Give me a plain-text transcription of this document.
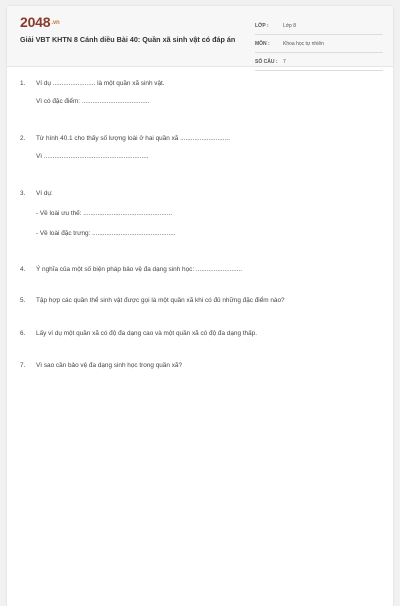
2048.vn
Giải VBT KHTN 8 Cánh diều Bài 40: Quần xã sinh vật có đáp án
LỚP :	Lớp 8
MÔN :	Khoa học tự nhiên
SỐ CÂU : 7
1. Ví dụ ........................ là một quần xã sinh vật.
Vì có đặc điểm: ......................................
2. Từ hình 40.1 cho thấy số lượng loài ở hai quần xã ............................
Vì ...........................................................
3. Ví dụ:
- Về loài ưu thế: ..................................................
- Về loài đặc trưng: ...............................................
4. Ý nghĩa của một số biện pháp bảo vệ đa dạng sinh học: ..........................
5. Tập hợp các quần thể sinh vật được gọi là một quần xã khi có đủ những đặc điểm nào?
6. Lấy ví dụ một quần xã có độ đa dạng cao và một quần xã có độ đa dạng thấp.
7. Vì sao cần bảo vệ đa dạng sinh học trong quần xã?
